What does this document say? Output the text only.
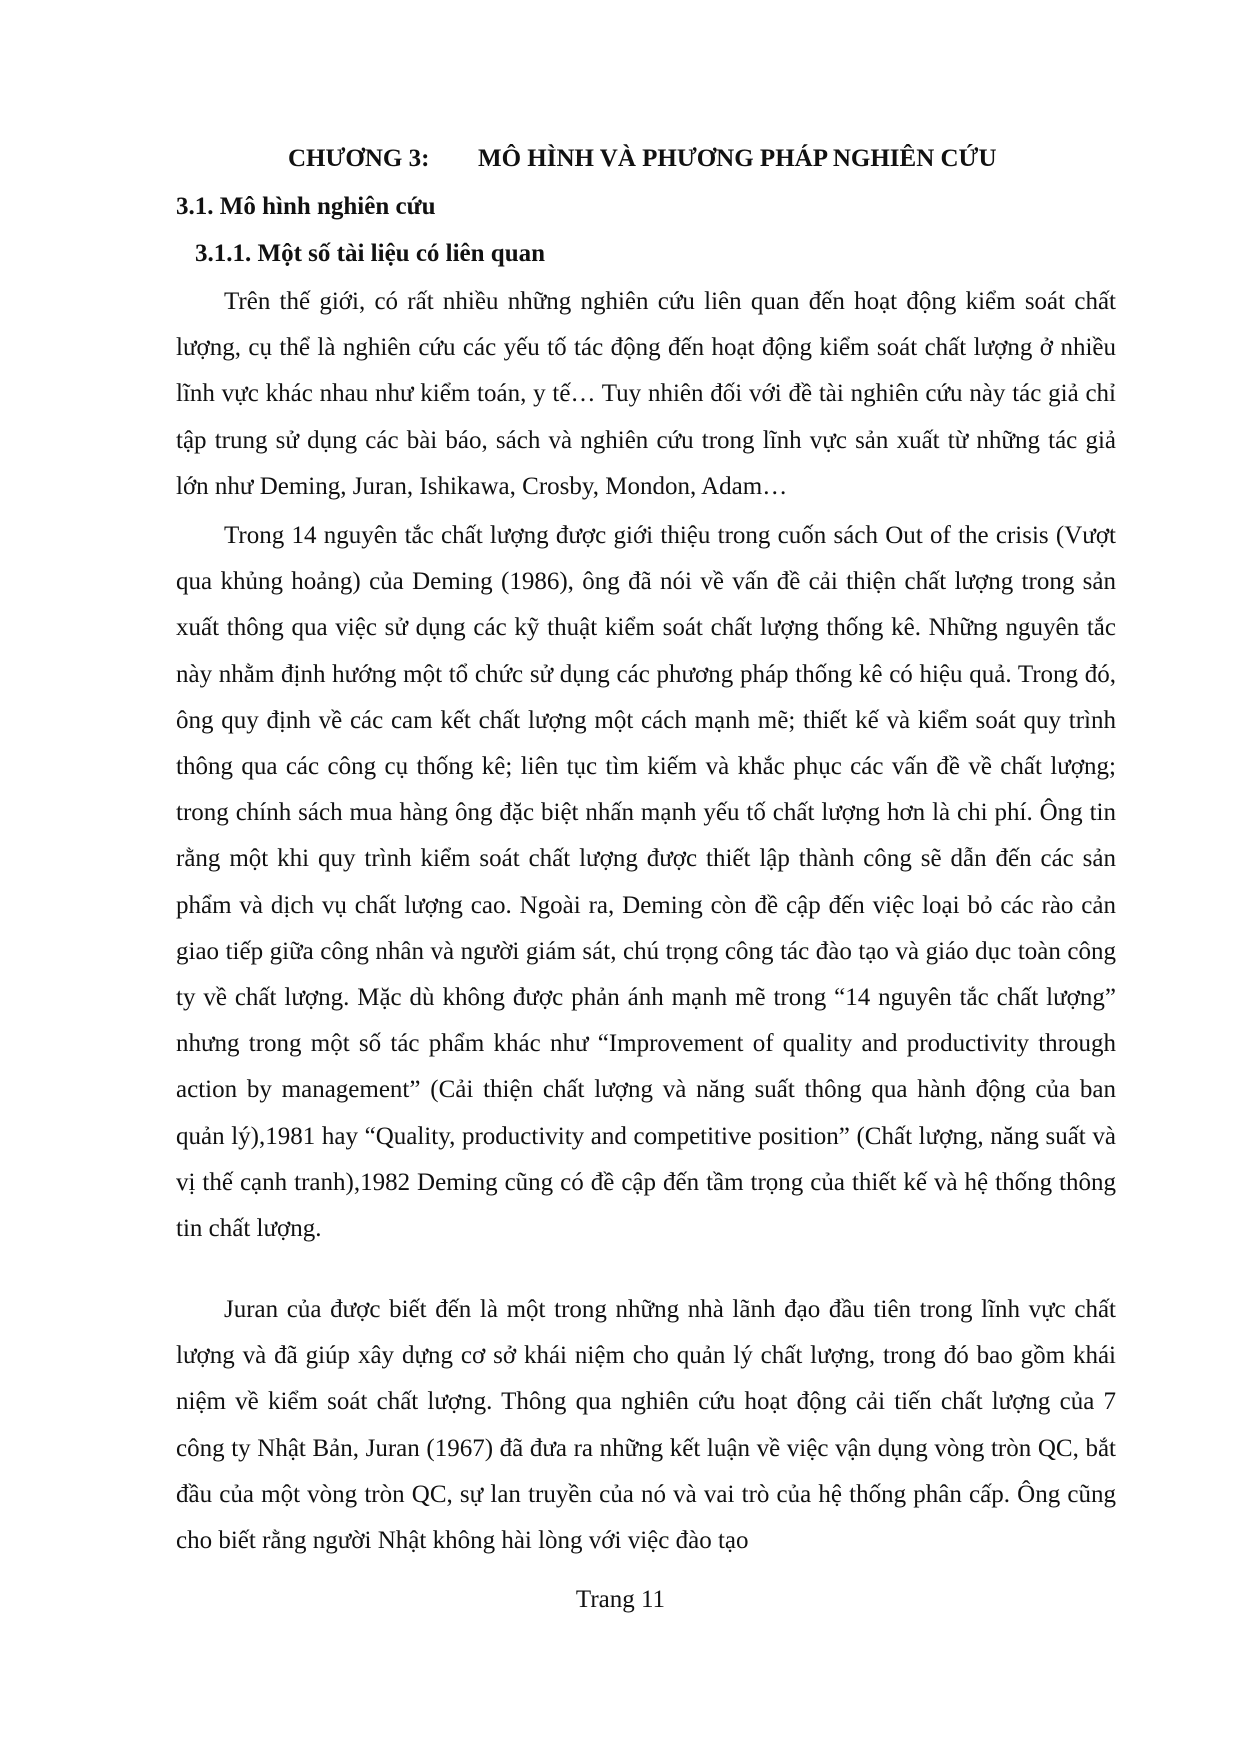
CHƯƠNG 3: MÔ HÌNH VÀ PHƯƠNG PHÁP NGHIÊN CỨU
3.1. Mô hình nghiên cứu
3.1.1. Một số tài liệu có liên quan

Trên thế giới, có rất nhiều những nghiên cứu liên quan đến hoạt động kiểm soát chất lượng, cụ thể là nghiên cứu các yếu tố tác động đến hoạt động kiểm soát chất lượng ở nhiều lĩnh vực khác nhau như kiểm toán, y tế… Tuy nhiên đối với đề tài nghiên cứu này tác giả chỉ tập trung sử dụng các bài báo, sách và nghiên cứu trong lĩnh vực sản xuất từ những tác giả lớn như Deming, Juran, Ishikawa, Crosby, Mondon, Adam…

Trong 14 nguyên tắc chất lượng được giới thiệu trong cuốn sách Out of the crisis (Vượt qua khủng hoảng) của Deming (1986), ông đã nói về vấn đề cải thiện chất lượng trong sản xuất thông qua việc sử dụng các kỹ thuật kiểm soát chất lượng thống kê. Những nguyên tắc này nhằm định hướng một tổ chức sử dụng các phương pháp thống kê có hiệu quả. Trong đó, ông quy định về các cam kết chất lượng một cách mạnh mẽ; thiết kế và kiểm soát quy trình thông qua các công cụ thống kê; liên tục tìm kiếm và khắc phục các vấn đề về chất lượng; trong chính sách mua hàng ông đặc biệt nhấn mạnh yếu tố chất lượng hơn là chi phí. Ông tin rằng một khi quy trình kiểm soát chất lượng được thiết lập thành công sẽ dẫn đến các sản phẩm và dịch vụ chất lượng cao. Ngoài ra, Deming còn đề cập đến việc loại bỏ các rào cản giao tiếp giữa công nhân và người giám sát, chú trọng công tác đào tạo và giáo dục toàn công ty về chất lượng. Mặc dù không được phản ánh mạnh mẽ trong “14 nguyên tắc chất lượng” nhưng trong một số tác phẩm khác như “Improvement of quality and productivity through action by management” (Cải thiện chất lượng và năng suất thông qua hành động của ban quản lý),1981 hay “Quality, productivity and competitive position” (Chất lượng, năng suất và vị thế cạnh tranh),1982 Deming cũng có đề cập đến tầm trọng của thiết kế và hệ thống thông tin chất lượng.

Juran của được biết đến là một trong những nhà lãnh đạo đầu tiên trong lĩnh vực chất lượng và đã giúp xây dựng cơ sở khái niệm cho quản lý chất lượng, trong đó bao gồm khái niệm về kiểm soát chất lượng. Thông qua nghiên cứu hoạt động cải tiến chất lượng của 7 công ty Nhật Bản, Juran (1967) đã đưa ra những kết luận về việc vận dụng vòng tròn QC, bắt đầu của một vòng tròn QC, sự lan truyền của nó và vai trò của hệ thống phân cấp. Ông cũng cho biết rằng người Nhật không hài lòng với việc đào tạo

Trang 11
